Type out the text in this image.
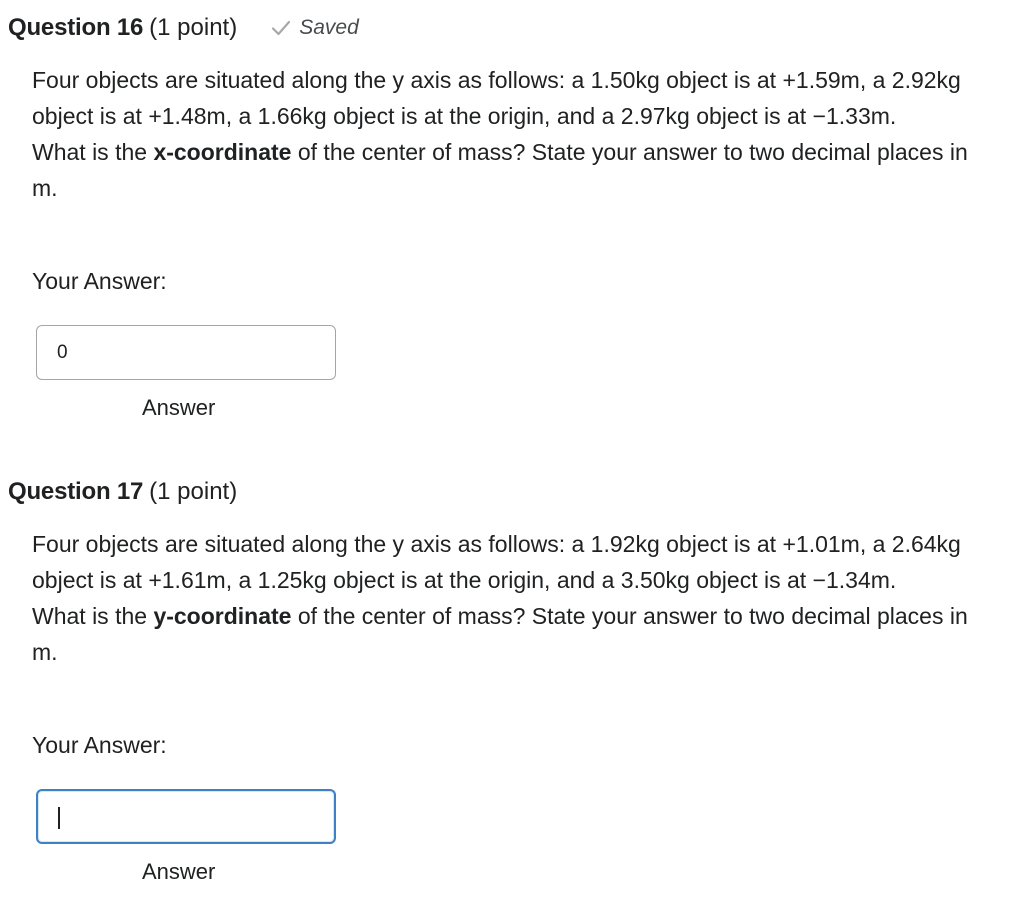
Question 16 (1 point)	Saved

Four objects are situated along the y axis as follows: a 1.50kg object is at +1.59m, a 2.92kg object is at +1.48m, a 1.66kg object is at the origin, and a 2.97kg object is at −1.33m.

What is the x-coordinate of the center of mass? State your answer to two decimal places in m.

Your Answer:
0
Answer
Question 17 (1 point)

Four objects are situated along the y axis as follows: a 1.92kg object is at +1.01m, a 2.64kg object is at +1.61m, a 1.25kg object is at the origin, and a 3.50kg object is at −1.34m.

What is the y-coordinate of the center of mass? State your answer to two decimal places in m.

Your Answer:
Answer
